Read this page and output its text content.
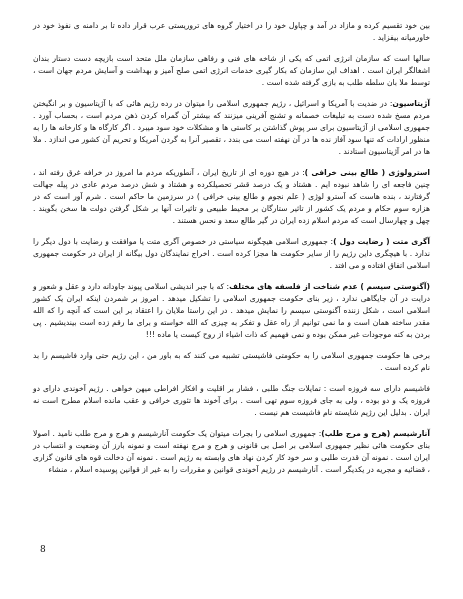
بین خود تقسیم کرده و مازاد در آمد و چپاول خود را در اختیار گروه های تروریستی عرب قرار داده تا بر دامنه ی نفوذ خود در خاورمیانه بیفزاید .

سالها است که سازمان انرژی اتمی که یکی از شاخه های فنی و رفاهی سازمان ملل متحد است بازیچه دست دستار بندان اشغالگر ایران است . اهداف این سازمان که بکار گیری خدمات انرژی اتمی صلح آمیز و بهداشت و آسایش مردم جهان است ، توسط ملا بان سلطه طلب به بازی گرفته شده است .

آژیتاسیون: در ضدیت با آمریکا و اسرائیل ، رژیم جمهوری اسلامی را میتوان در رده رژیم هائی که با آژیتاسیون و بر انگیختن مردم مسخ شده دست به تبلیغات خصمانه و تشنج آفرینی میزنند که بیشتر آن گمراه کردن ذهن مردم است ، بحساب آورد . جمهوری اسلامی از آژیتاسیون برای سر پوش گذاشتن بر کاستی ها و مشکلات خود سود میبرد . اگر کارگاه ها و کارخانه ها را به منظور ارادات که تنها سود آفاز نده ها در آن نهفته است می بندد ، تقصیر آنرا به گردن آمریکا و تحریم آن کشور می اندازد . ملا ها در امر آژیتاسیون استادند .

استرولوژی ( طالع بینی خرافی ): در هیچ دوره ای از تاریخ ایران ، آنطوریکه مردم ما امروز در خرافه غرق رفته اند ، چنین فاجعه ای را شاهد نبوده ایم . هشتاد و یک درصد قشر تحصیلکرده و هشتاد و شش درصد مردم عادی در پیله جهالت گرفتارند ، بنده هاست که آسترو لوژی ( علم نجوم و طالع بینی خرافی ) در سرزمین ما حاکم است . شرم آور است که در هزاره سوم حکام و مردم یک کشور از تاثیر ستارگان بر محیط طبیعی و تاثیرات آنها بر شکل گرفتن دولت ها سخن بگویند . چهل و چهارسال است که مردم اسلام زده ایران در گیر طالع سعد و نحس هستند .

آگری متت ( رضایت دول ): جمهوری اسلامی هیچگونه سیاستی در خصوص آگری متت یا موافقت و رضایت با دول دیگر را ندارد . با هیچگری داین رژیم را از سایر حکومت ها مجزا کرده است . اخراج نمایندگان دول بیگانه از ایران در حکومت جمهوری اسلامی اتفاق افتاده و می افتد .

(آگنوستی سیسم ) عدم شناخت از فلسفه های مختلف: که با جبر اندیشی اسلامی پیوند جاودانه دارد و عقل و شعور و درایت در آن جایگاهی ندارد ، زیر بنای حکومت جمهوری اسلامی را تشکیل میدهد . امروز بر شمردن اینکه ایران یک کشور اسلامی است ، شکل زننده آگنوستی سیسم را نمایش میدهد . در این راستا ملایان را اعتقاد بر این است که آنچه را که الله مقدر ساخته همان است و ما نمی توانیم از راه عقل و تفکر به چیزی که الله خواسته و برای ما رقم زده است بیندیشیم . پی بردن به کنه موجودات غیر ممکن بوده و نمی فهمیم که ذات اشیاء از روح کیست یا ماده !!!

برخی ها حکومت جمهوری اسلامی را به حکومتی فاشیستی تشبیه می کنند که به باور من ، این رژیم حتی وارد فاشیسم را بد نام کرده است .

فاشیسم دارای سه فروزه است : تمایلات جنگ طلبی ، فشار بر اقلیت و افکار افراطی میهن خواهی . رژیم آخوندی دارای دو فروزه یک و دو بوده ، ولی به جای فروزه سوم تهی است . برای آخوند ها تئوری خرافی و عقب مانده اسلام مطرح است نه ایران . بدلیل این رژیم شایسته نام فاشیست هم نیست .

آنارشیسم (هرج و مرج طلب): جمهوری اسلامی را بجرات میتوان یک حکومت آنارشیسم و هرج و مرج طلب نامید . اصولا بنای حکومت هائی نظیر جمهوری اسلامی بر اصل بی قانونی و هرج و مرج نهفته است و نمونه بارز آن وضعیت و انتساب در ایران است . نمونه آن قدرت طلبی و سر خود کار کردن نهاد های وابسته به رژیم است . نمونه آن دخالت قوه های قانون گزاری ، قضائیه و مجریه در یکدیگر است . آنارشیسم در رژیم آخوندی قوانین و مقررات را به غیر از قوانین پوسیده اسلام ، منشاء

8
